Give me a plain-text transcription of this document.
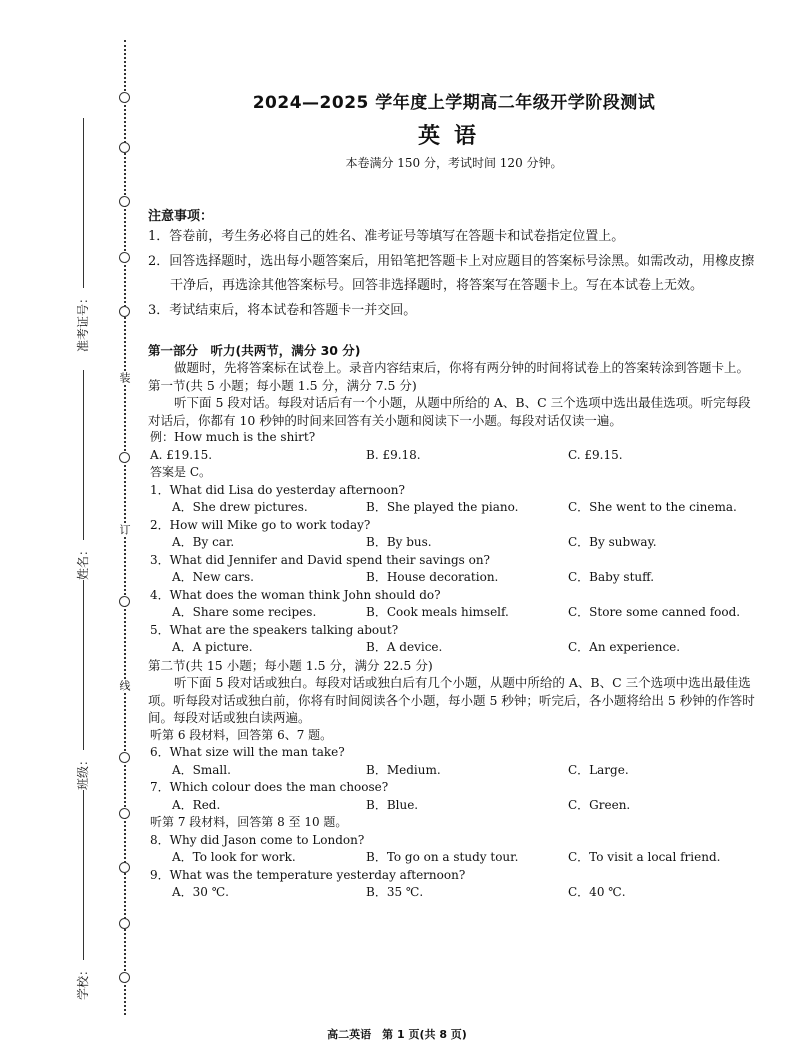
装
订
线
准考证号：
姓名：
班级：
学校：
2024—2025 学年度上学期高二年级开学阶段测试
英语
本卷满分 150 分，考试时间 120 分钟。
注意事项：
1．答卷前，考生务必将自己的姓名、准考证号等填写在答题卡和试卷指定位置上。
2．回答选择题时，选出每小题答案后，用铅笔把答题卡上对应题目的答案标号涂黑。如需改动，用橡皮擦干净后，再选涂其他答案标号。回答非选择题时，将答案写在答题卡上。写在本试卷上无效。
3．考试结束后，将本试卷和答题卡一并交回。
第一部分　听力(共两节，满分 30 分)
做题时，先将答案标在试卷上。录音内容结束后，你将有两分钟的时间将试卷上的答案转涂到答题卡上。
第一节(共 5 小题；每小题 1.5 分，满分 7.5 分)
听下面 5 段对话。每段对话后有一个小题，从题中所给的 A、B、C 三个选项中选出最佳选项。听完每段对话后，你都有 10 秒钟的时间来回答有关小题和阅读下一小题。每段对话仅读一遍。
例：How much is the shirt?
A. £19.15.	B. £9.18.	C. £9.15.
答案是 C。
1．What did Lisa do yesterday afternoon?
A．She drew pictures.	B．She played the piano.	C．She went to the cinema.
2．How will Mike go to work today?
A．By car.	B．By bus.	C．By subway.
3．What did Jennifer and David spend their savings on?
A．New cars.	B．House decoration.	C．Baby stuff.
4．What does the woman think John should do?
A．Share some recipes.	B．Cook meals himself.	C．Store some canned food.
5．What are the speakers talking about?
A．A picture.	B．A device.	C．An experience.
第二节(共 15 小题；每小题 1.5 分，满分 22.5 分)
听下面 5 段对话或独白。每段对话或独白后有几个小题，从题中所给的 A、B、C 三个选项中选出最佳选项。听每段对话或独白前，你将有时间阅读各个小题，每小题 5 秒钟；听完后，各小题将给出 5 秒钟的作答时间。每段对话或独白读两遍。
听第 6 段材料，回答第 6、7 题。
6．What size will the man take?
A．Small.	B．Medium.	C．Large.
7．Which colour does the man choose?
A．Red.	B．Blue.	C．Green.
听第 7 段材料，回答第 8 至 10 题。
8．Why did Jason come to London?
A．To look for work.	B．To go on a study tour.	C．To visit a local friend.
9．What was the temperature yesterday afternoon?
A．30 ℃.	B．35 ℃.	C．40 ℃.
高二英语　第 1 页(共 8 页)
